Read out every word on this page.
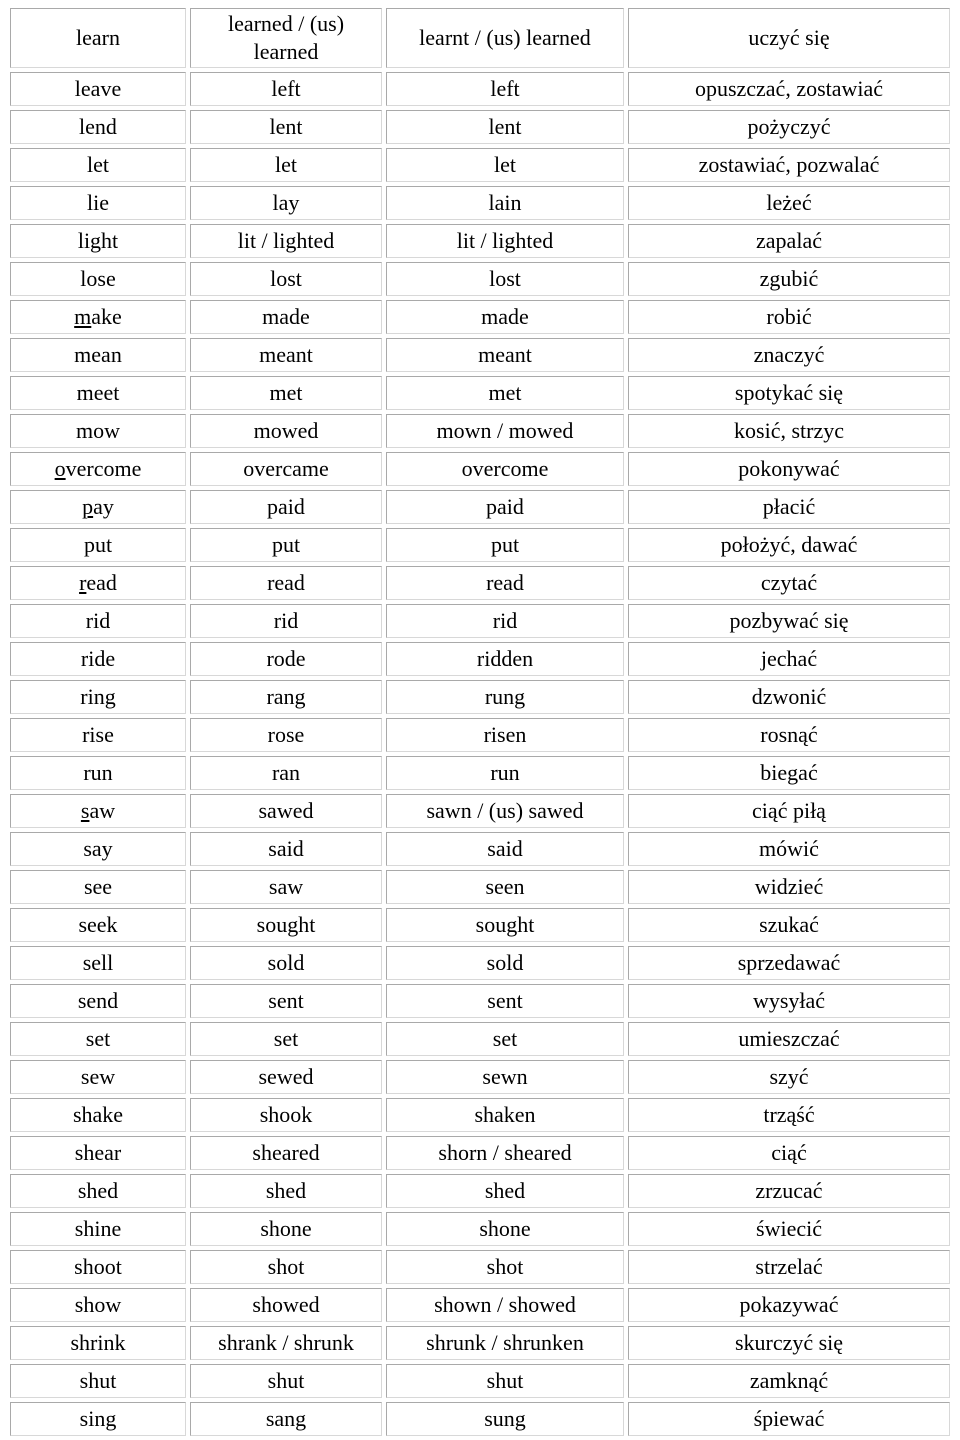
learn	learned / (us) learned	learnt / (us) learned	uczyć się
leave	left	left	opuszczać, zostawiać
lend	lent	lent	pożyczyć
let	let	let	zostawiać, pozwalać
lie	lay	lain	leżeć
light	lit / lighted	lit / lighted	zapalać
lose	lost	lost	zgubić
make	made	made	robić
mean	meant	meant	znaczyć
meet	met	met	spotykać się
mow	mowed	mown / mowed	kosić, strzyc
overcome	overcame	overcome	pokonywać
pay	paid	paid	płacić
put	put	put	położyć, dawać
read	read	read	czytać
rid	rid	rid	pozbywać się
ride	rode	ridden	jechać
ring	rang	rung	dzwonić
rise	rose	risen	rosnąć
run	ran	run	biegać
saw	sawed	sawn / (us) sawed	ciąć piłą
say	said	said	mówić
see	saw	seen	widzieć
seek	sought	sought	szukać
sell	sold	sold	sprzedawać
send	sent	sent	wysyłać
set	set	set	umieszczać
sew	sewed	sewn	szyć
shake	shook	shaken	trząść
shear	sheared	shorn / sheared	ciąć
shed	shed	shed	zrzucać
shine	shone	shone	świecić
shoot	shot	shot	strzelać
show	showed	shown / showed	pokazywać
shrink	shrank / shrunk	shrunk / shrunken	skurczyć się
shut	shut	shut	zamknąć
sing	sang	sung	śpiewać
